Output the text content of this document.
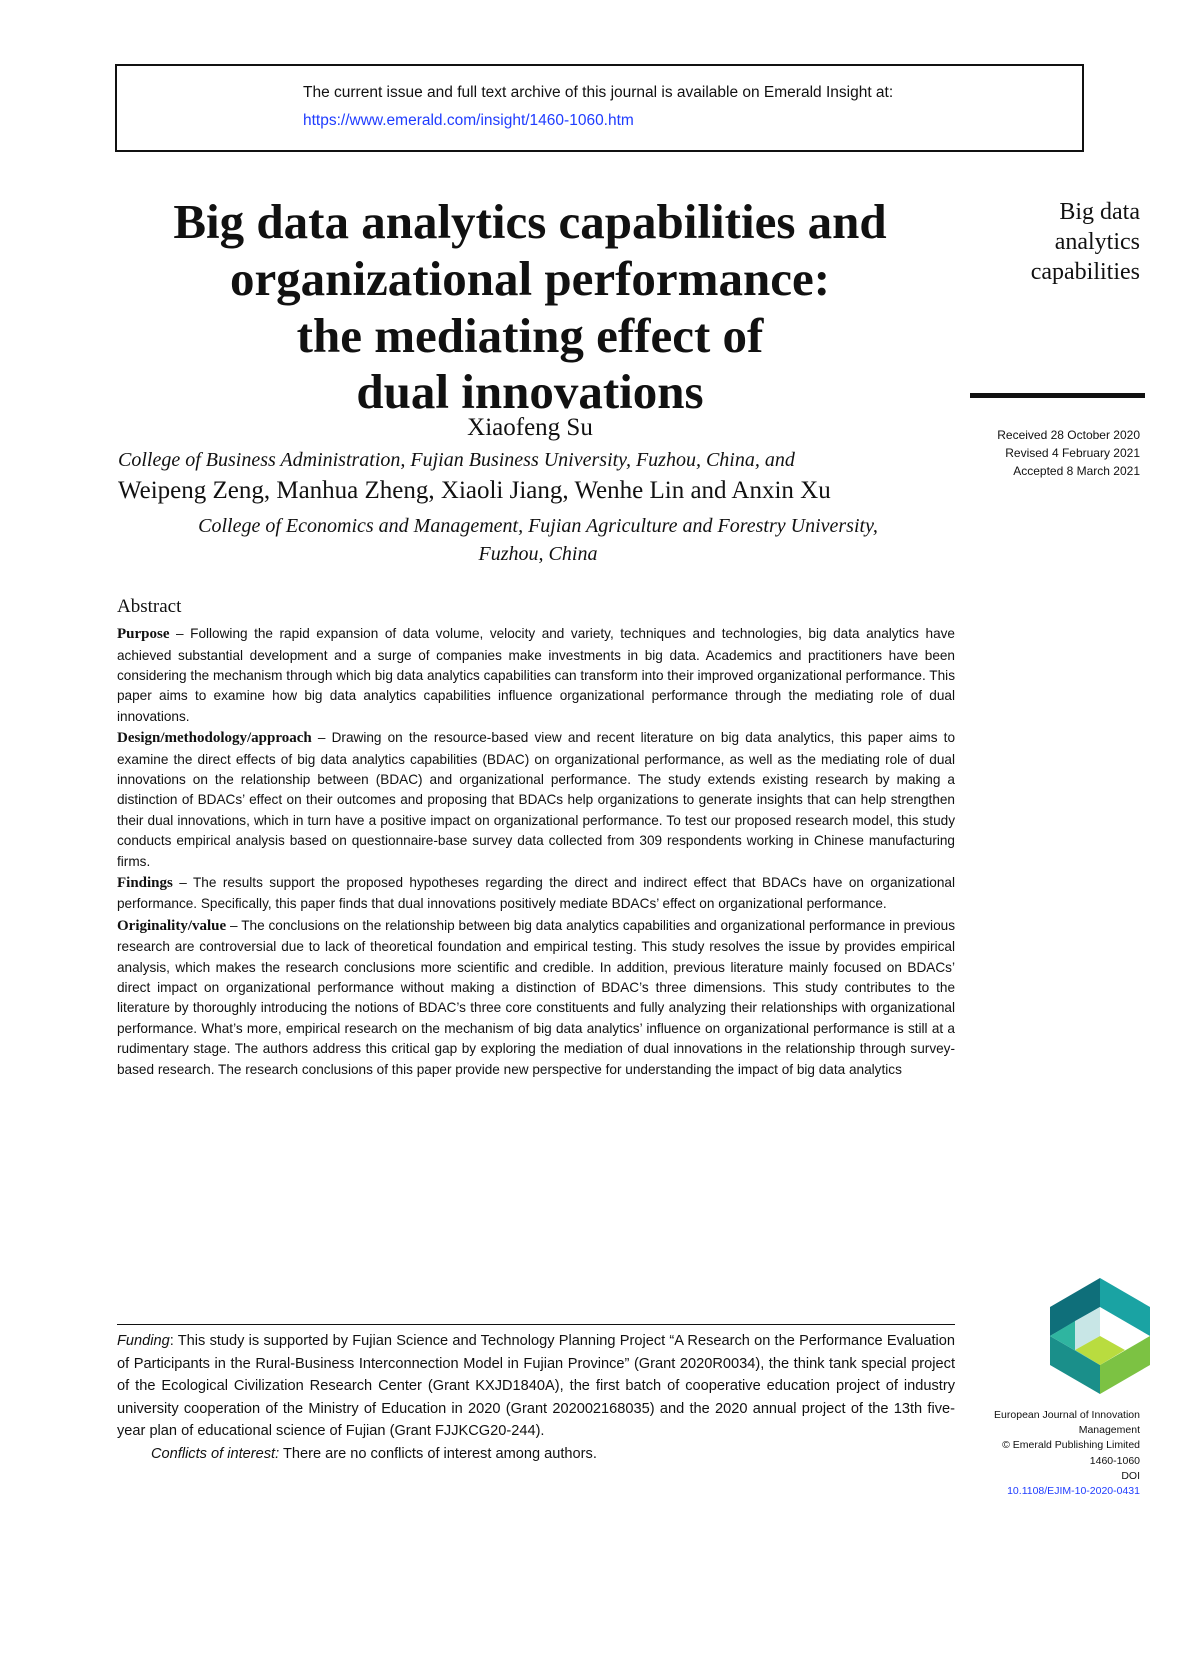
The current issue and full text archive of this journal is available on Emerald Insight at:
https://www.emerald.com/insight/1460-1060.htm
Big data analytics capabilities and
organizational performance:
the mediating effect of
dual innovations
Big data
analytics
capabilities
Received 28 October 2020
Revised 4 February 2021
Accepted 8 March 2021
Xiaofeng Su
College of Business Administration, Fujian Business University, Fuzhou, China, and
Weipeng Zeng, Manhua Zheng, Xiaoli Jiang, Wenhe Lin and Anxin Xu
College of Economics and Management, Fujian Agriculture and Forestry University,
Fuzhou, China
Abstract

Purpose – Following the rapid expansion of data volume, velocity and variety, techniques and technologies, big data analytics have achieved substantial development and a surge of companies make investments in big data. Academics and practitioners have been considering the mechanism through which big data analytics capabilities can transform into their improved organizational performance. This paper aims to examine how big data analytics capabilities influence organizational performance through the mediating role of dual innovations.

Design/methodology/approach – Drawing on the resource-based view and recent literature on big data analytics, this paper aims to examine the direct effects of big data analytics capabilities (BDAC) on organizational performance, as well as the mediating role of dual innovations on the relationship between (BDAC) and organizational performance. The study extends existing research by making a distinction of BDACs’ effect on their outcomes and proposing that BDACs help organizations to generate insights that can help strengthen their dual innovations, which in turn have a positive impact on organizational performance. To test our proposed research model, this study conducts empirical analysis based on questionnaire-base survey data collected from 309 respondents working in Chinese manufacturing firms.

Findings – The results support the proposed hypotheses regarding the direct and indirect effect that BDACs have on organizational performance. Specifically, this paper finds that dual innovations positively mediate BDACs’ effect on organizational performance.

Originality/value – The conclusions on the relationship between big data analytics capabilities and organizational performance in previous research are controversial due to lack of theoretical foundation and empirical testing. This study resolves the issue by provides empirical analysis, which makes the research conclusions more scientific and credible. In addition, previous literature mainly focused on BDACs’ direct impact on organizational performance without making a distinction of BDAC’s three dimensions. This study contributes to the literature by thoroughly introducing the notions of BDAC’s three core constituents and fully analyzing their relationships with organizational performance. What’s more, empirical research on the mechanism of big data analytics’ influence on organizational performance is still at a rudimentary stage. The authors address this critical gap by exploring the mediation of dual innovations in the relationship through survey-based research. The research conclusions of this paper provide new perspective for understanding the impact of big data analytics

Funding: This study is supported by Fujian Science and Technology Planning Project “A Research on the Performance Evaluation of Participants in the Rural-Business Interconnection Model in Fujian Province” (Grant 2020R0034), the think tank special project of the Ecological Civilization Research Center (Grant KXJD1840A), the first batch of cooperative education project of industry university cooperation of the Ministry of Education in 2020 (Grant 202002168035) and the 2020 annual project of the 13th five-year plan of educational science of Fujian (Grant FJJKCG20-244).

Conflicts of interest: There are no conflicts of interest among authors.

European Journal of Innovation
Management
© Emerald Publishing Limited
1460-1060
DOI
10.1108/EJIM-10-2020-0431
